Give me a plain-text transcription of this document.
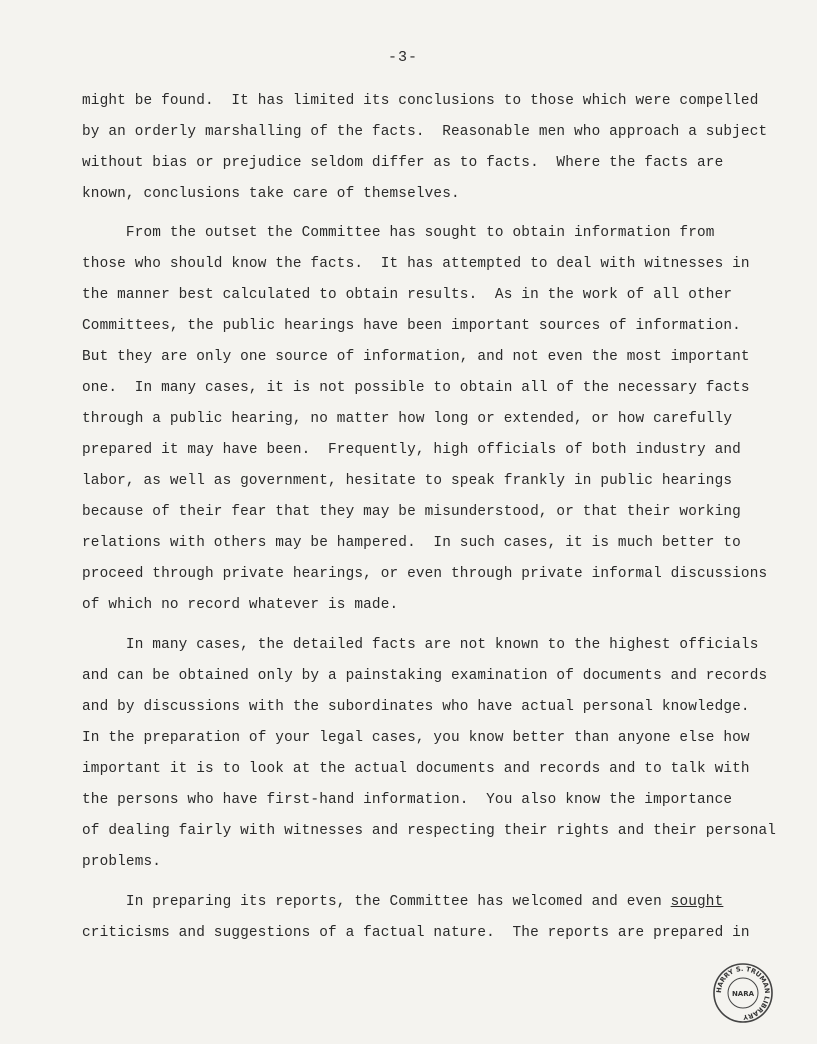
-3-
might be found.  It has limited its conclusions to those which were compelled
by an orderly marshalling of the facts.  Reasonable men who approach a subject
without bias or prejudice seldom differ as to facts.  Where the facts are
known, conclusions take care of themselves.
From the outset the Committee has sought to obtain information from
those who should know the facts.  It has attempted to deal with witnesses in
the manner best calculated to obtain results.  As in the work of all other
Committees, the public hearings have been important sources of information.
But they are only one source of information, and not even the most important
one.  In many cases, it is not possible to obtain all of the necessary facts
through a public hearing, no matter how long or extended, or how carefully
prepared it may have been.  Frequently, high officials of both industry and
labor, as well as government, hesitate to speak frankly in public hearings
because of their fear that they may be misunderstood, or that their working
relations with others may be hampered.  In such cases, it is much better to
proceed through private hearings, or even through private informal discussions
of which no record whatever is made.
In many cases, the detailed facts are not known to the highest officials
and can be obtained only by a painstaking examination of documents and records
and by discussions with the subordinates who have actual personal knowledge.
In the preparation of your legal cases, you know better than anyone else how
important it is to look at the actual documents and records and to talk with
the persons who have first-hand information.  You also know the importance
of dealing fairly with witnesses and respecting their rights and their personal
problems.
In preparing its reports, the Committee has welcomed and even sought
criticisms and suggestions of a factual nature.  The reports are prepared in
HARRY S. TRUMAN LIBRARY
NARA
